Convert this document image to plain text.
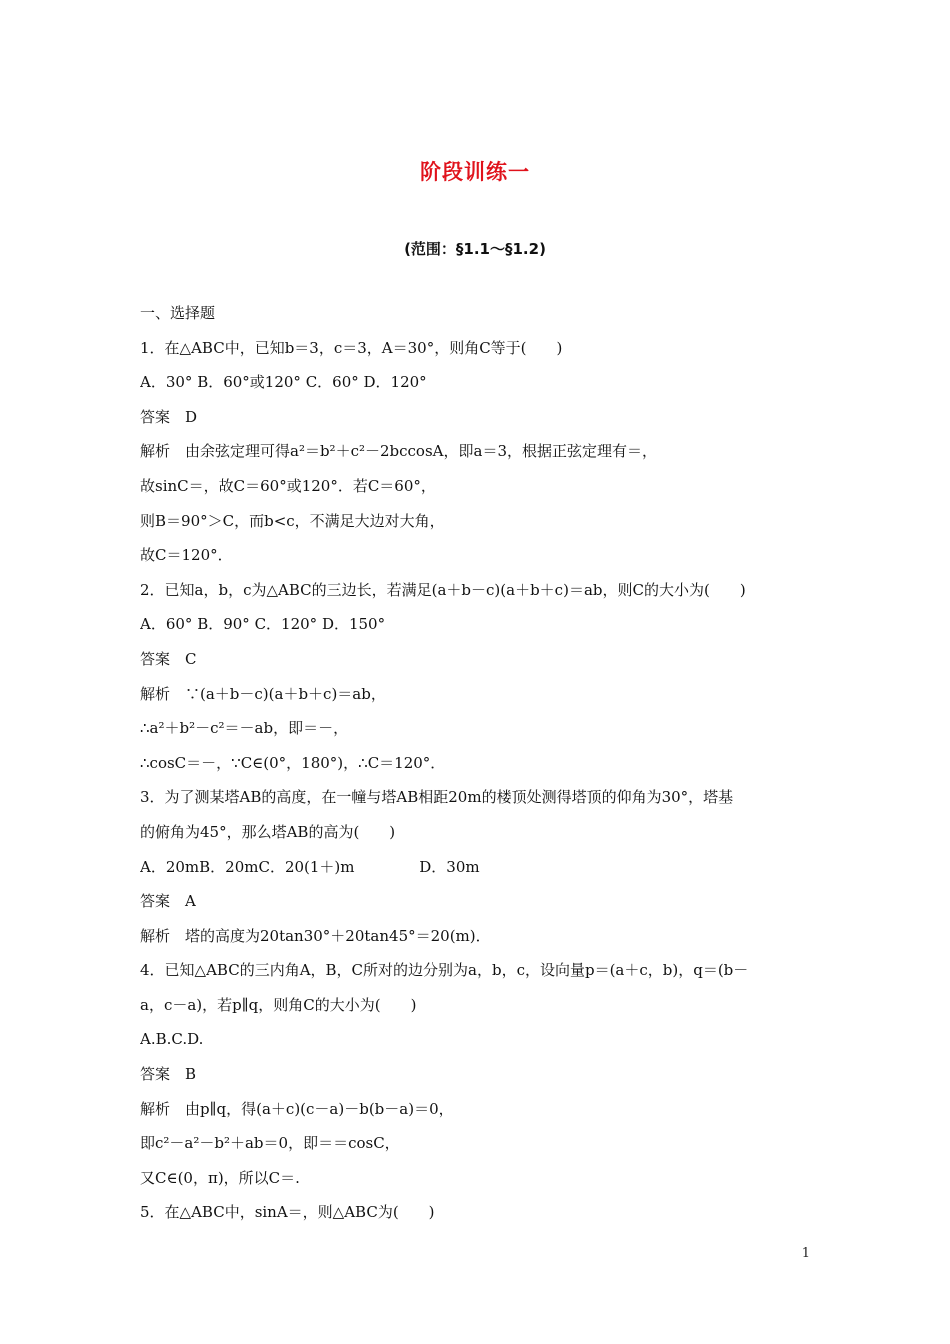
阶段训练一
(范围：§1.1～§1.2)
一、选择题
1．在△ABC中，已知b＝3，c＝3，A＝30°，则角C等于(　　)
A．30° B．60°或120° C．60° D．120°
答案　D
解析　由余弦定理可得a²＝b²＋c²－2bccosA，即a＝3，根据正弦定理有＝，
故sinC＝，故C＝60°或120°．若C＝60°，
则B＝90°＞C，而b<c，不满足大边对大角，
故C＝120°．
2．已知a，b，c为△ABC的三边长，若满足(a＋b－c)(a＋b＋c)＝ab，则C的大小为(　　)
A．60° B．90° C．120° D．150°
答案　C
解析　∵(a＋b－c)(a＋b＋c)＝ab，
∴a²＋b²－c²＝－ab，即＝－，
∴cosC＝－，∵C∈(0°，180°)，∴C＝120°．
3．为了测某塔AB的高度，在一幢与塔AB相距20m的楼顶处测得塔顶的仰角为30°，塔基
的俯角为45°，那么塔AB的高为(　　)
A．20mB．20mC．20(1＋)m　　　　 D．30m
答案　A
解析　塔的高度为20tan30°＋20tan45°＝20(m)．
4．已知△ABC的三内角A，B，C所对的边分别为a，b，c，设向量p＝(a＋c，b)，q＝(b－
a，c－a)，若p∥q，则角C的大小为(　　)
A.B.C.D.
答案　B
解析　由p∥q，得(a＋c)(c－a)－b(b－a)＝0，
即c²－a²－b²＋ab＝0，即＝＝cosC，
又C∈(0，π)，所以C＝.
5．在△ABC中，sinA＝，则△ABC为(　　)
1
